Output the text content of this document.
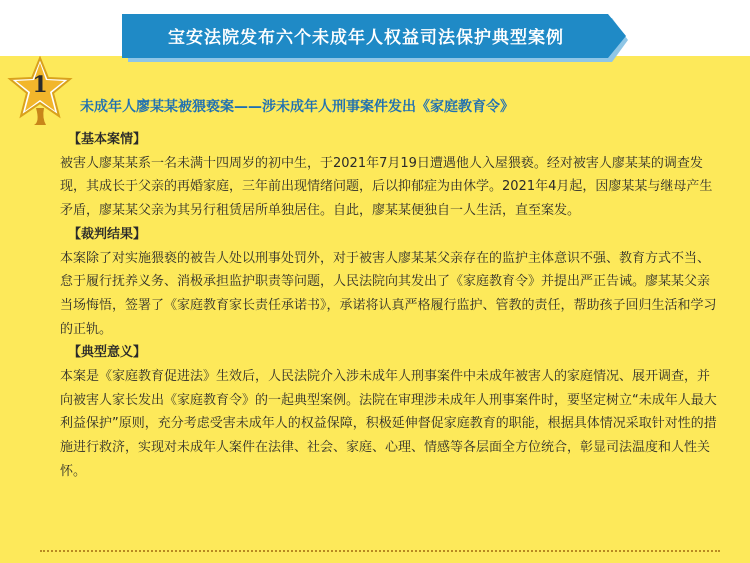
宝安法院发布六个未成年人权益司法保护典型案例
1
未成年人廖某某被猥亵案——涉未成年人刑事案件发出《家庭教育令》

【基本案情】

被害人廖某某系一名未满十四周岁的初中生，于2021年7月19日遭遇他人入屋猥亵。经对被害人廖某某的调查发现，其成长于父亲的再婚家庭，三年前出现情绪问题，后以抑郁症为由休学。2021年4月起，因廖某某与继母产生矛盾，廖某某父亲为其另行租赁居所单独居住。自此，廖某某便独自一人生活，直至案发。

【裁判结果】

本案除了对实施猥亵的被告人处以刑事处罚外，对于被害人廖某某父亲存在的监护主体意识不强、教育方式不当、怠于履行抚养义务、消极承担监护职责等问题，人民法院向其发出了《家庭教育令》并提出严正告诫。廖某某父亲当场悔悟，签署了《家庭教育家长责任承诺书》，承诺将认真严格履行监护、管教的责任，帮助孩子回归生活和学习的正轨。

【典型意义】

本案是《家庭教育促进法》生效后，人民法院介入涉未成年人刑事案件中未成年被害人的家庭情况、展开调查，并向被害人家长发出《家庭教育令》的一起典型案例。法院在审理涉未成年人刑事案件时，要坚定树立“未成年人最大利益保护”原则，充分考虑受害未成年人的权益保障，积极延伸督促家庭教育的职能，根据具体情况采取针对性的措施进行救济，实现对未成年人案件在法律、社会、家庭、心理、情感等各层面全方位统合，彰显司法温度和人性关怀。
